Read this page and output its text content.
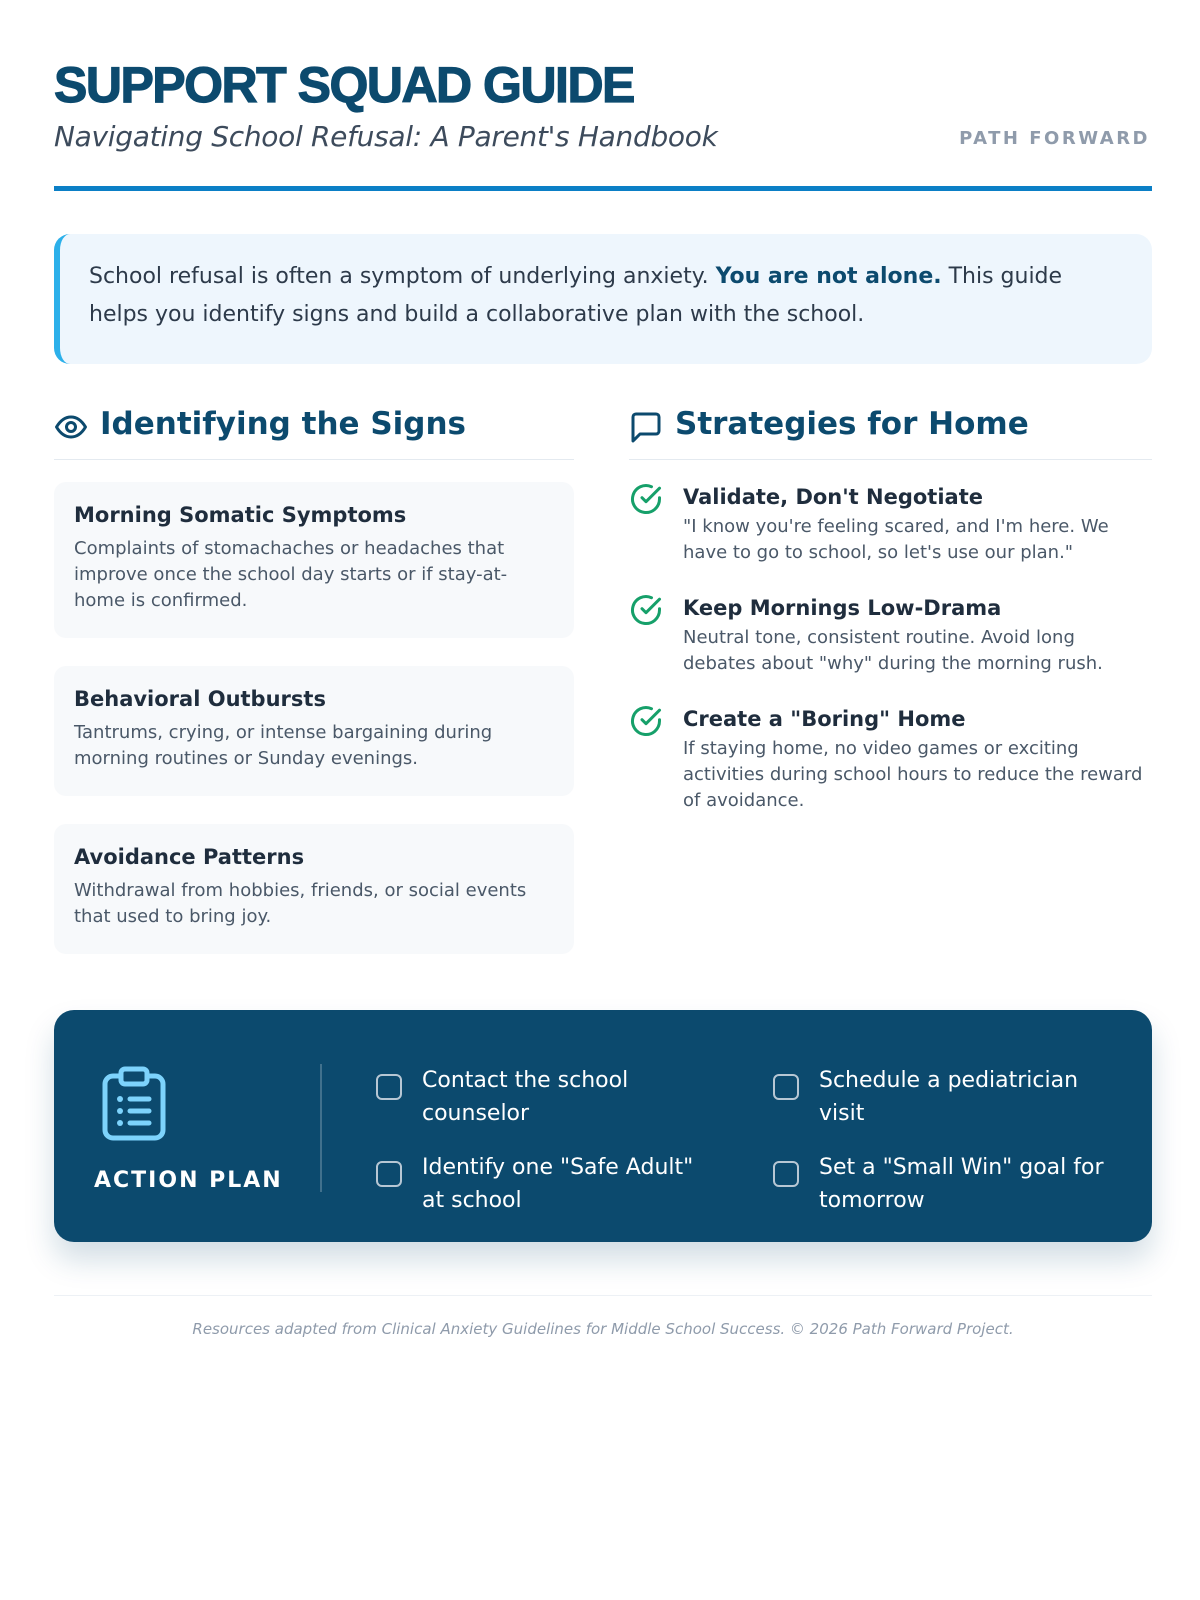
SUPPORT SQUAD GUIDE
Navigating School Refusal: A Parent's Handbook	PATH FORWARD
School refusal is often a symptom of underlying anxiety. You are not alone. This guide helps you identify signs and build a collaborative plan with the school.
Identifying the Signs
Morning Somatic Symptoms

Complaints of stomachaches or headaches that improve once the school day starts or if stay-at-home is confirmed.

Behavioral Outbursts

Tantrums, crying, or intense bargaining during morning routines or Sunday evenings.

Avoidance Patterns

Withdrawal from hobbies, friends, or social events that used to bring joy.

Strategies for Home
Validate, Don't Negotiate

"I know you're feeling scared, and I'm here. We have to go to school, so let's use our plan."

Keep Mornings Low-Drama

Neutral tone, consistent routine. Avoid long debates about "why" during the morning rush.

Create a "Boring" Home

If staying home, no video games or exciting activities during school hours to reduce the reward of avoidance.

ACTION PLAN
Contact the school counselor
Schedule a pediatrician visit
Identify one "Safe Adult" at school
Set a "Small Win" goal for tomorrow
Resources adapted from Clinical Anxiety Guidelines for Middle School Success. © 2026 Path Forward Project.
